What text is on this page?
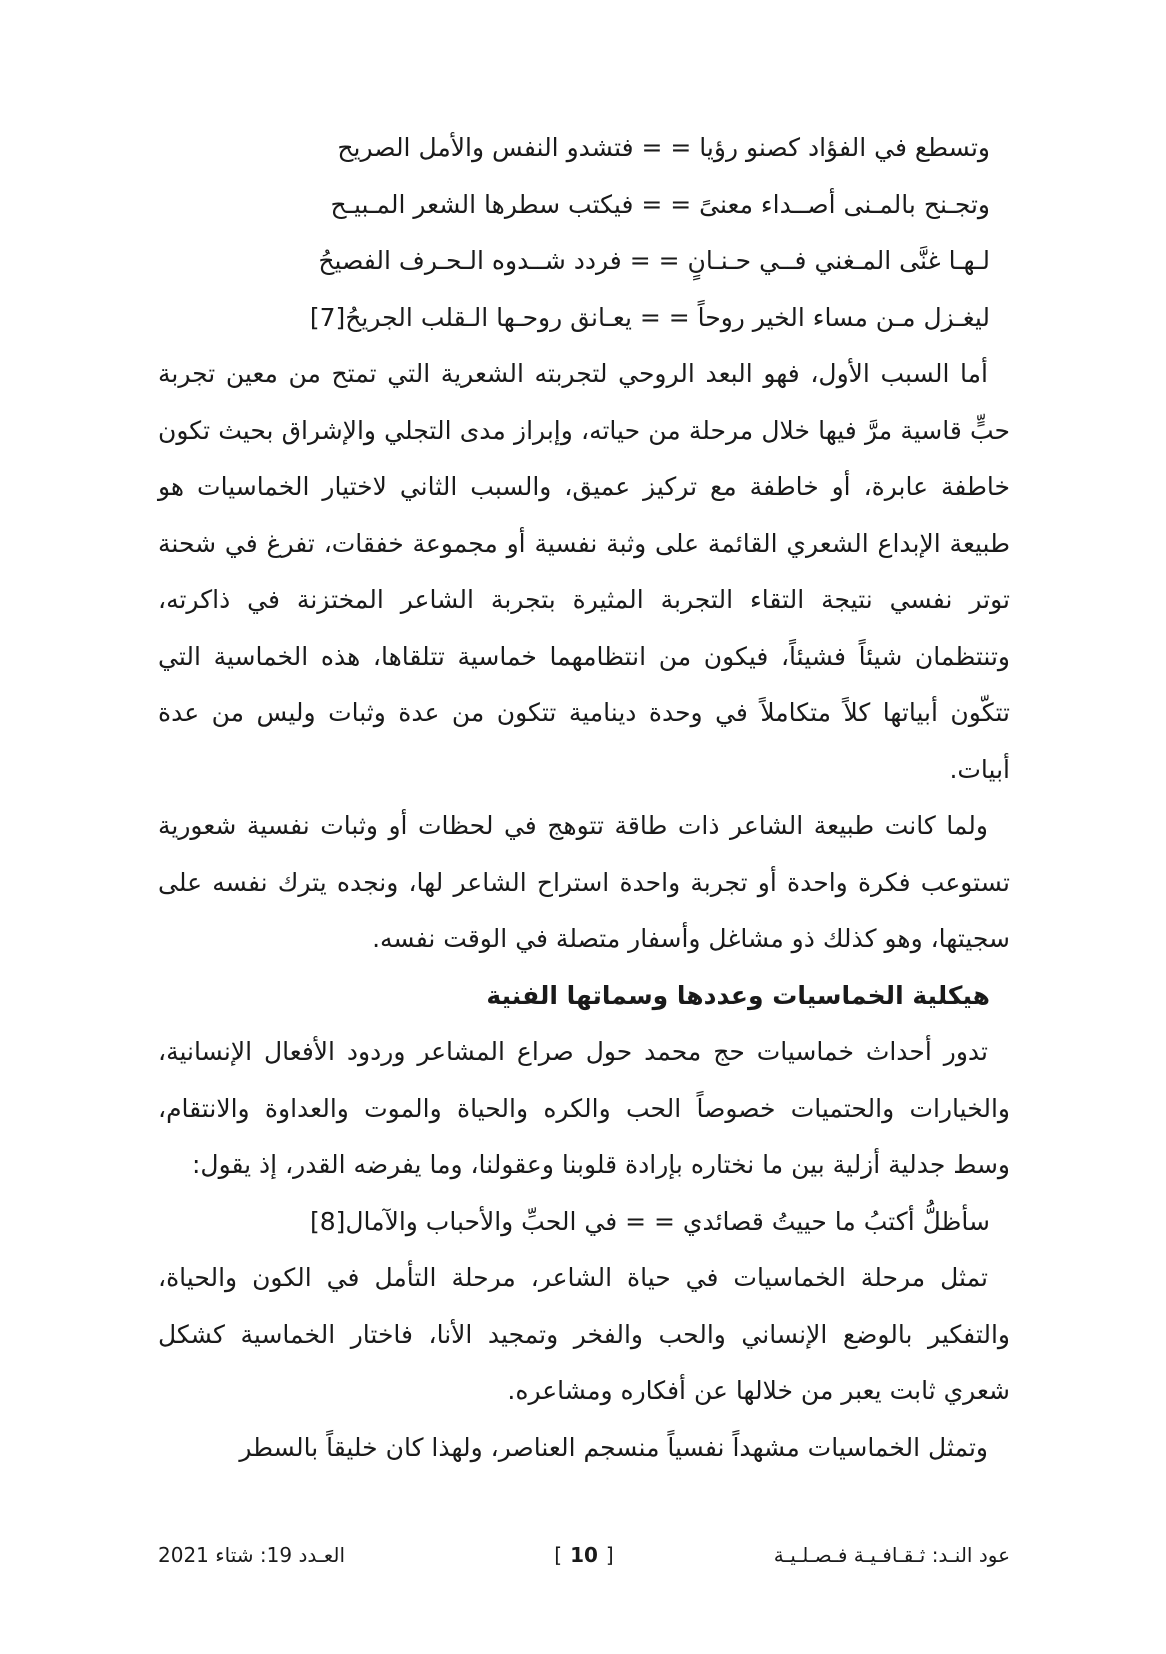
وتسطع في الفؤاد كصنو رؤيا = = فتشدو النفس والأمل الصريح

وتجـنح بالمـنى أصــداء معنىً = = فيكتب سطرها الشعر المـبيـح

لـهـا غنَّى المـغني فــي حـنـانٍ = = فردد شــدوه الـحـرف الفصيحُ

ليغـزل مـن مساء الخير روحاً = = يعـانق روحـها الـقلب الجريحُ[7]

أما السبب الأول، فهو البعد الروحي لتجربته الشعرية التي تمتح من معين تجربة حبٍّ قاسية مرَّ فيها خلال مرحلة من حياته، وإبراز مدى التجلي والإشراق بحيث تكون خاطفة عابرة، أو خاطفة مع تركيز عميق، والسبب الثاني لاختيار الخماسيات هو طبيعة الإبداع الشعري القائمة على وثبة نفسية أو مجموعة خفقات، تفرغ في شحنة توتر نفسي نتيجة التقاء التجربة المثيرة بتجربة الشاعر المختزنة في ذاكرته، وتنتظمان شيئاً فشيئاً، فيكون من انتظامهما خماسية تتلقاها، هذه الخماسية التي تتكّون أبياتها كلاً متكاملاً في وحدة دينامية تتكون من عدة وثبات وليس من عدة أبيات.

ولما كانت طبيعة الشاعر ذات طاقة تتوهج في لحظات أو وثبات نفسية شعورية تستوعب فكرة واحدة أو تجربة واحدة استراح الشاعر لها، ونجده يترك نفسه على سجيتها، وهو كذلك ذو مشاغل وأسفار متصلة في الوقت نفسه.

هيكلية الخماسيات وعددها وسماتها الفنية

تدور أحداث خماسيات حج محمد حول صراع المشاعر وردود الأفعال الإنسانية، والخيارات والحتميات خصوصاً الحب والكره والحياة والموت والعداوة والانتقام، وسط جدلية أزلية بين ما نختاره بإرادة قلوبنا وعقولنا، وما يفرضه القدر، إذ يقول:

سأظلُّ أكتبُ ما حييتُ قصائدي = = في الحبِّ والأحباب والآمال[8]

تمثل مرحلة الخماسيات في حياة الشاعر، مرحلة التأمل في الكون والحياة، والتفكير بالوضع الإنساني والحب والفخر وتمجيد الأنا، فاختار الخماسية كشكل شعري ثابت يعبر من خلالها عن أفكاره ومشاعره.

وتمثل الخماسيات مشهداً نفسياً منسجم العناصر، ولهذا كان خليقاً بالسطر

عود النـد: ثـقـافـيـة فـصـلـيـة
[ 10 ]
العـدد 19: شتاء 2021
